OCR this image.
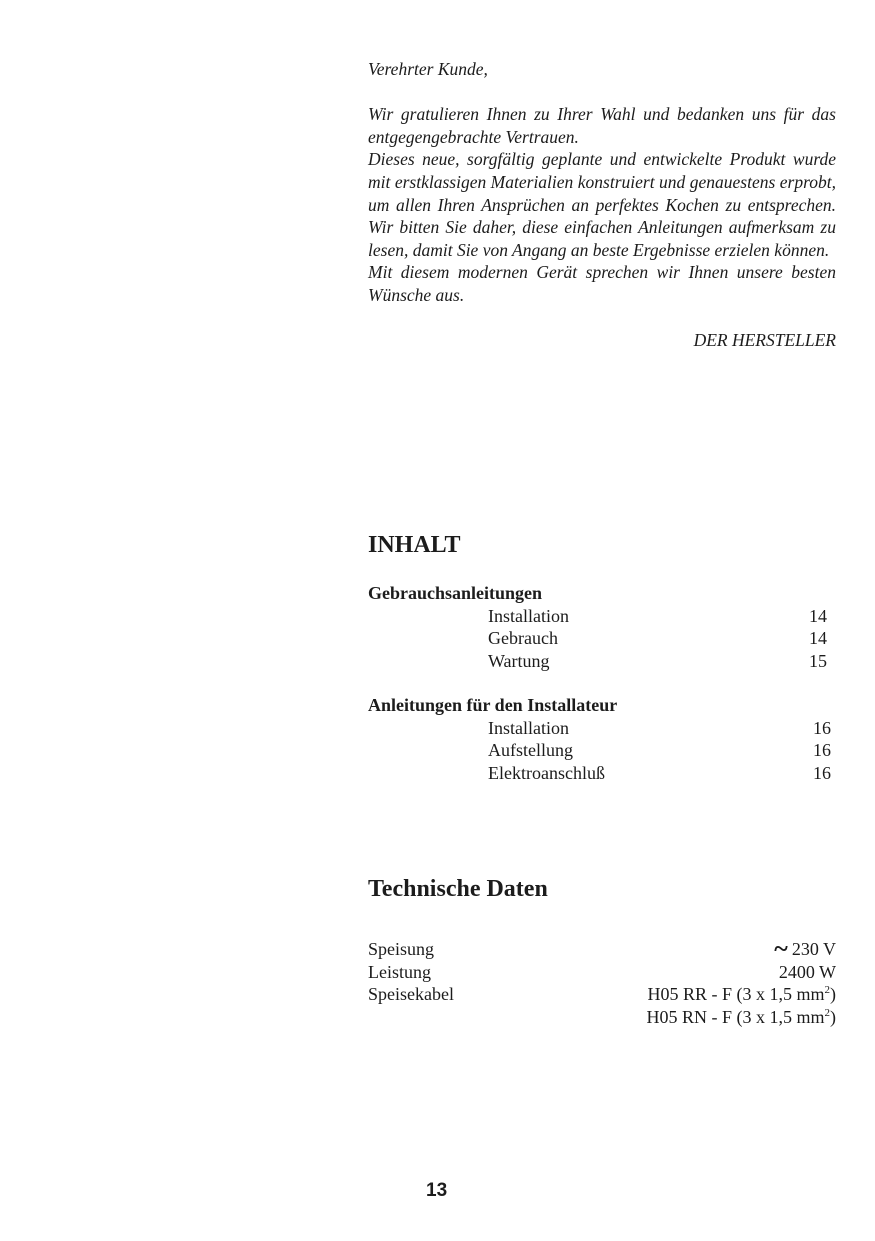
Verehrter Kunde,

Wir gratulieren Ihnen zu Ihrer Wahl und bedanken uns für das entgegengebrachte Vertrauen.

Dieses neue, sorgfältig geplante und entwickelte Produkt wurde mit erstklassigen Materialien konstruiert und genauestens erprobt, um allen Ihren Ansprüchen an perfektes Kochen zu entsprechen. Wir bitten Sie daher, diese einfachen Anleitungen aufmerksam zu lesen, damit Sie von Angang an beste Ergebnisse erzielen können.

Mit diesem modernen Gerät sprechen wir Ihnen unsere besten Wünsche aus.

DER HERSTELLER

INHALT
Gebrauchsanleitungen
Installation	14
Gebrauch	14
Wartung	15
Anleitungen für den Installateur
Installation	16
Aufstellung	16
Elektroanschluß	16
Technische Daten
Speisung	~ 230 V
Leistung	2400 W
Speisekabel	H05 RR - F (3 x 1,5 $mm^2$)
H05 RN - F (3 x 1,5 $mm^2$)
13
